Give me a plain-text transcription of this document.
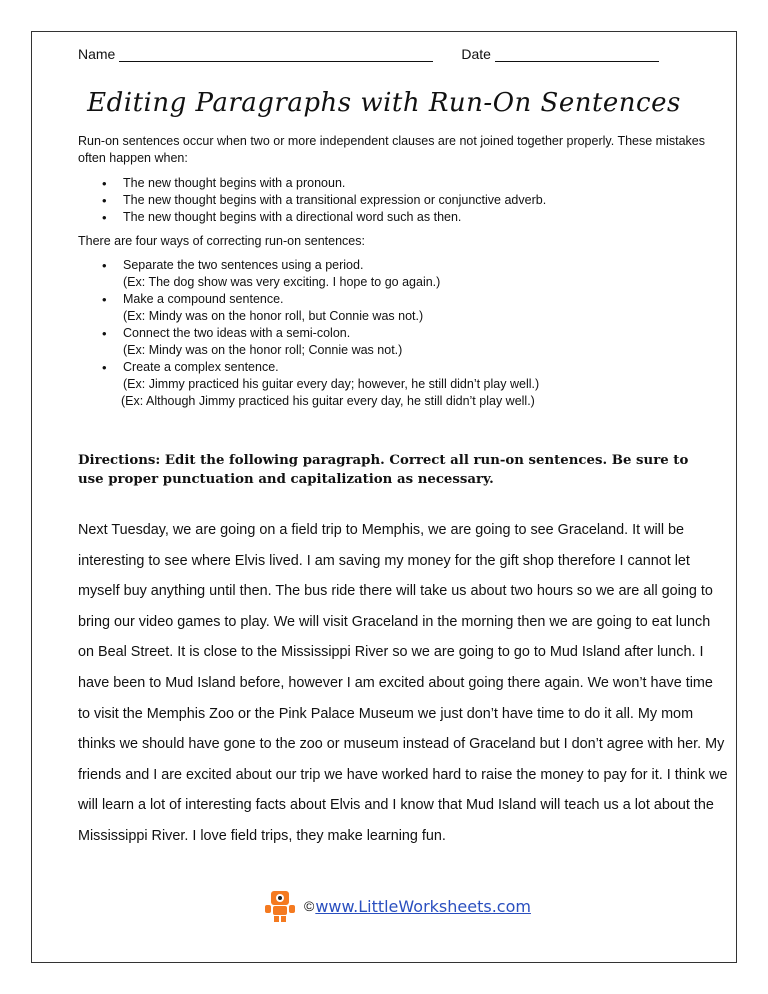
Name	Date
Editing Paragraphs with Run-On Sentences
Run-on sentences occur when two or more independent clauses are not joined together properly. These mistakes often happen when:
• The new thought begins with a pronoun.
• The new thought begins with a transitional expression or conjunctive adverb.
• The new thought begins with a directional word such as then.
There are four ways of correcting run-on sentences:
• Separate the two sentences using a period.
(Ex: The dog show was very exciting. I hope to go again.)
• Make a compound sentence.
(Ex: Mindy was on the honor roll, but Connie was not.)
• Connect the two ideas with a semi-colon.
(Ex: Mindy was on the honor roll; Connie was not.)
• Create a complex sentence.
(Ex: Jimmy practiced his guitar every day; however, he still didn’t play well.)
(Ex: Although Jimmy practiced his guitar every day, he still didn’t play well.)
Directions: Edit the following paragraph. Correct all run-on sentences. Be sure to use proper punctuation and capitalization as necessary.
Next Tuesday, we are going on a field trip to Memphis, we are going to see Graceland. It will be interesting to see where Elvis lived. I am saving my money for the gift shop therefore I cannot let myself buy anything until then. The bus ride there will take us about two hours so we are all going to bring our video games to play. We will visit Graceland in the morning then we are going to eat lunch on Beal Street. It is close to the Mississippi River so we are going to go to Mud Island after lunch. I have been to Mud Island before, however I am excited about going there again. We won’t have time to visit the Memphis Zoo or the Pink Palace Museum we just don’t have time to do it all. My mom thinks we should have gone to the zoo or museum instead of Graceland but I don’t agree with her. My friends and I are excited about our trip we have worked hard to raise the money to pay for it. I think we will learn a lot of interesting facts about Elvis and I know that Mud Island will teach us a lot about the Mississippi River. I love field trips, they make learning fun.
© www.LittleWorksheets.com
